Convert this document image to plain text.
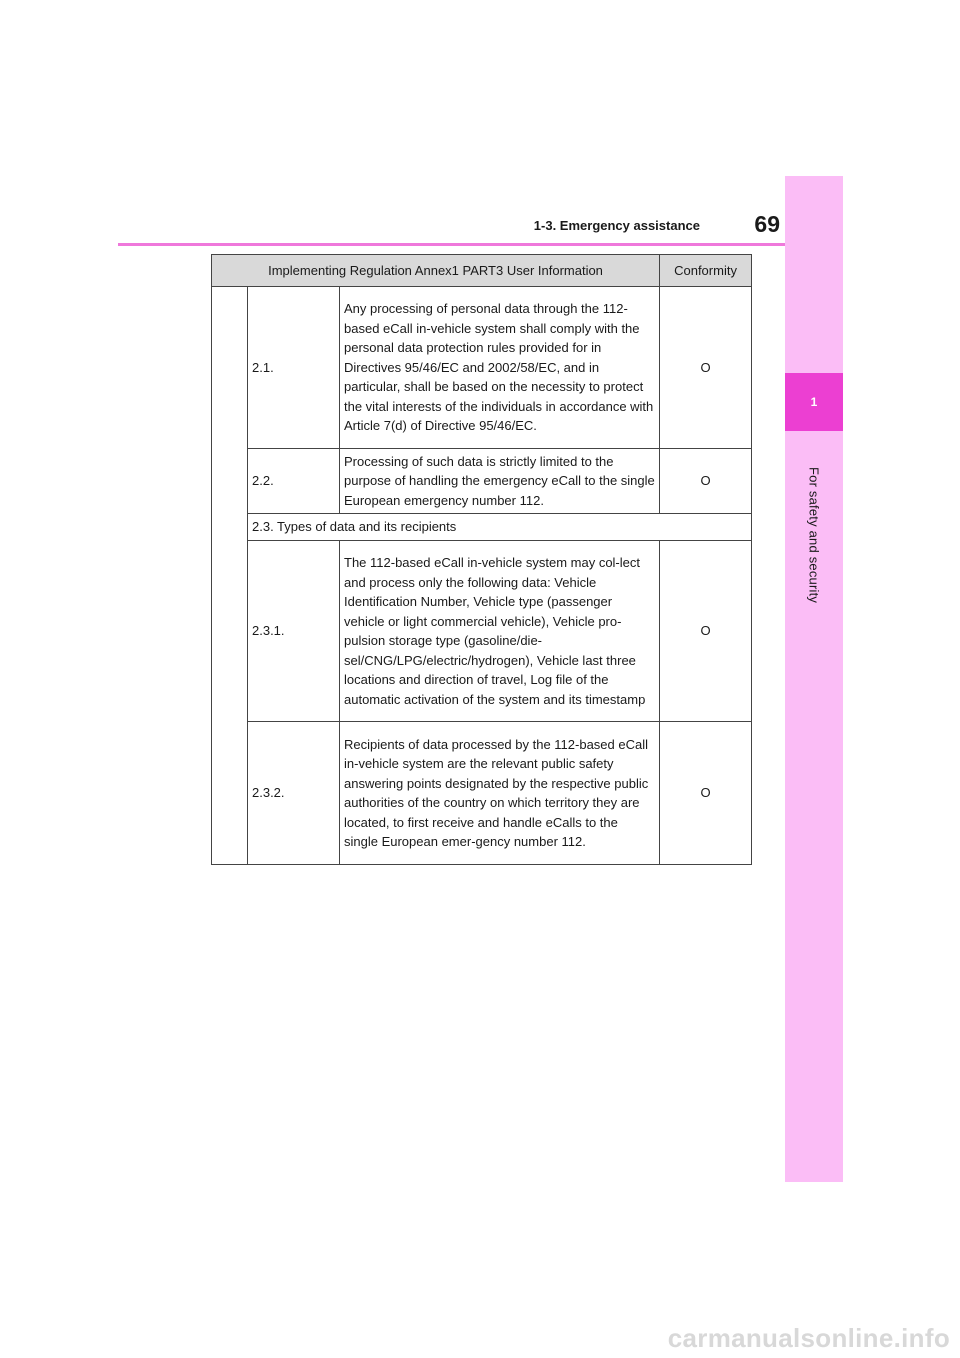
1
For safety and security
1-3. Emergency assistance	69
Implementing Regulation Annex1 PART3 User Information			Conformity
	2.1.	Any processing of personal data through the 112-based eCall in-vehicle system shall comply with the personal data protection rules provided for in Directives 95/46/EC and 2002/58/EC, and in particular, shall be based on the necessity to protect the vital interests of the individuals in accordance with Article 7(d) of Directive 95/46/EC.	O
	2.2.	Processing of such data is strictly limited to the purpose of handling the emergency eCall to the single European emergency number 112.	O
	2.3. Types of data and its recipients		
	2.3.1.	The 112-based eCall in-vehicle system may col-lect and process only the following data: Vehicle Identification Number, Vehicle type (passenger vehicle or light commercial vehicle), Vehicle pro-pulsion storage type (gasoline/die-sel/CNG/LPG/electric/hydrogen), Vehicle last three locations and direction of travel, Log file of the automatic activation of the system and its timestamp	O
	2.3.2.	Recipients of data processed by the 112-based eCall in-vehicle system are the relevant public safety answering points designated by the respective public authorities of the country on which territory they are located, to first receive and handle eCalls to the single European emer-gency number 112.	O
carmanualsonline.info
